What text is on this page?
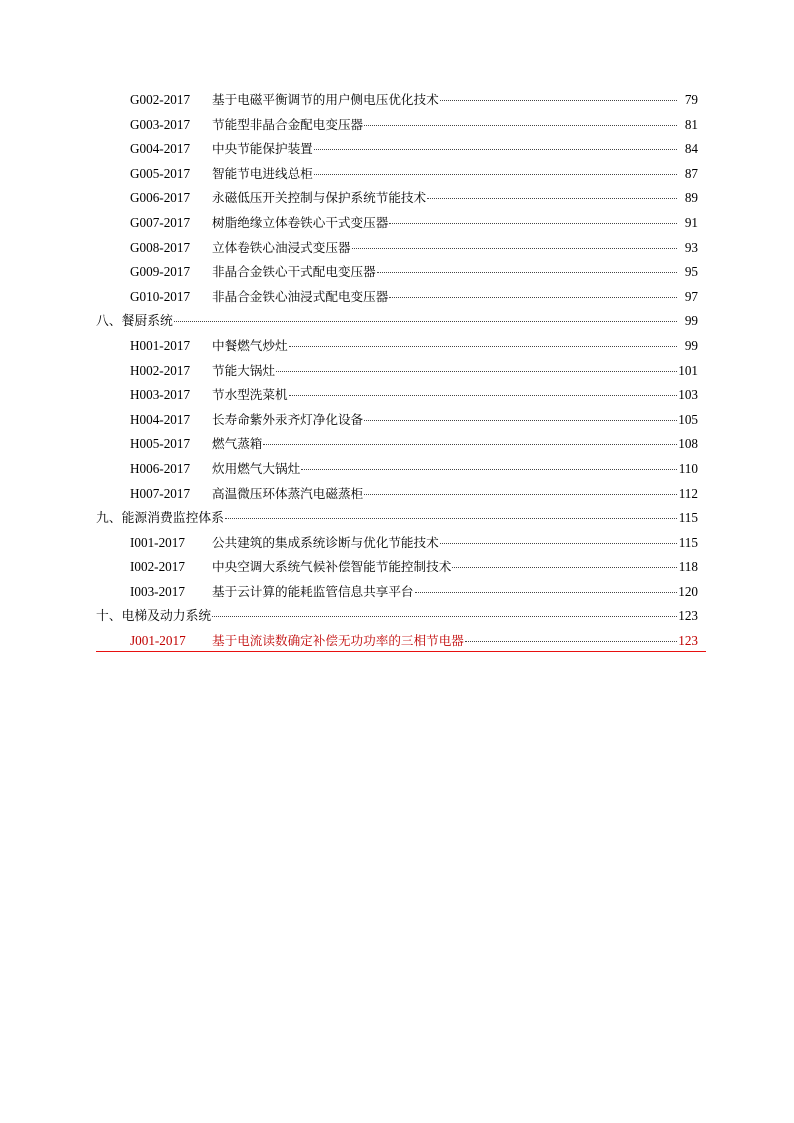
G002-2017	基于电磁平衡调节的用户侧电压优化技术	79
G003-2017	节能型非晶合金配电变压器	81
G004-2017	中央节能保护装置	84
G005-2017	智能节电进线总柜	87
G006-2017	永磁低压开关控制与保护系统节能技术	89
G007-2017	树脂绝缘立体卷铁心干式变压器	91
G008-2017	立体卷铁心油浸式变压器	93
G009-2017	非晶合金铁心干式配电变压器	95
G010-2017	非晶合金铁心油浸式配电变压器	97
八、 餐厨系统	99
H001-2017	中餐燃气炒灶	99
H002-2017	节能大锅灶	101
H003-2017	节水型洗菜机	103
H004-2017	长寿命紫外汞齐灯净化设备	105
H005-2017	燃气蒸箱	108
H006-2017	炊用燃气大锅灶	110
H007-2017	高温微压环体蒸汽电磁蒸柜	112
九、 能源消费监控体系	115
I001-2017	公共建筑的集成系统诊断与优化节能技术	115
I002-2017	中央空调大系统气候补偿智能节能控制技术	118
I003-2017	基于云计算的能耗监管信息共享平台	120
十、 电梯及动力系统	123
J001-2017	基于电流读数确定补偿无功功率的三相节电器	123
